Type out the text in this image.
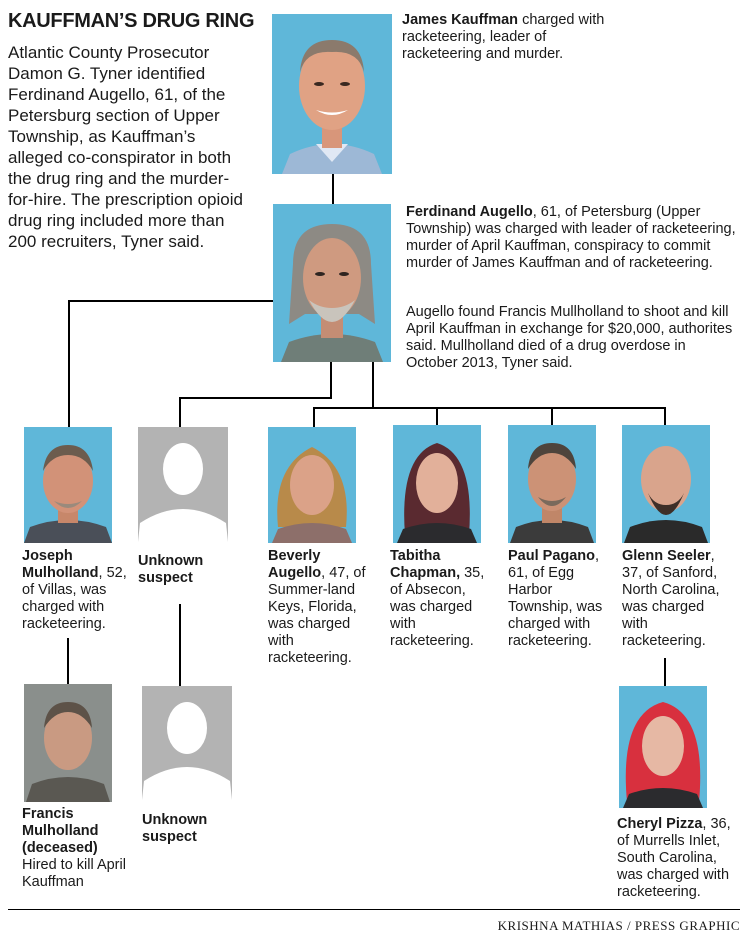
KAUFFMAN’S DRUG RING
Atlantic County Prosecutor Damon G. Tyner identified Ferdinand Augello, 61, of the Petersburg section of Upper Township, as Kauffman’s alleged co-conspirator in both the drug ring and the murder-for-hire. The prescription opioid drug ring included more than 200 recruiters, Tyner said.
James Kauffman charged with racketeering, leader of racketeering and murder.
Ferdinand Augello, 61, of Petersburg (Upper Township) was charged with leader of racketeering, murder of April Kauffman, conspiracy to commit murder of James Kauffman and of racketeering.
Augello found Francis Mullholland to shoot and kill April Kauffman in exchange for $20,000, authorites said. Mullholland died of a drug overdose in October 2013, Tyner said.
Joseph Mulholland, 52, of Villas, was charged with racketeering.
Unknown suspect
Beverly Augello, 47, of Summer-land Keys, Florida, was charged with racketeering.
Tabitha Chapman, 35, of Absecon, was charged with racketeering.
Paul Pagano, 61, of Egg Harbor Township, was charged with racketeering.
Glenn Seeler, 37, of Sanford, North Carolina, was charged with racketeering.
Francis Mulholland (deceased)
Hired to kill April Kauffman
Unknown suspect
Cheryl Pizza, 36, of Murrells Inlet, South Carolina, was charged with racketeering.
KRISHNA MATHIAS / PRESS GRAPHIC
